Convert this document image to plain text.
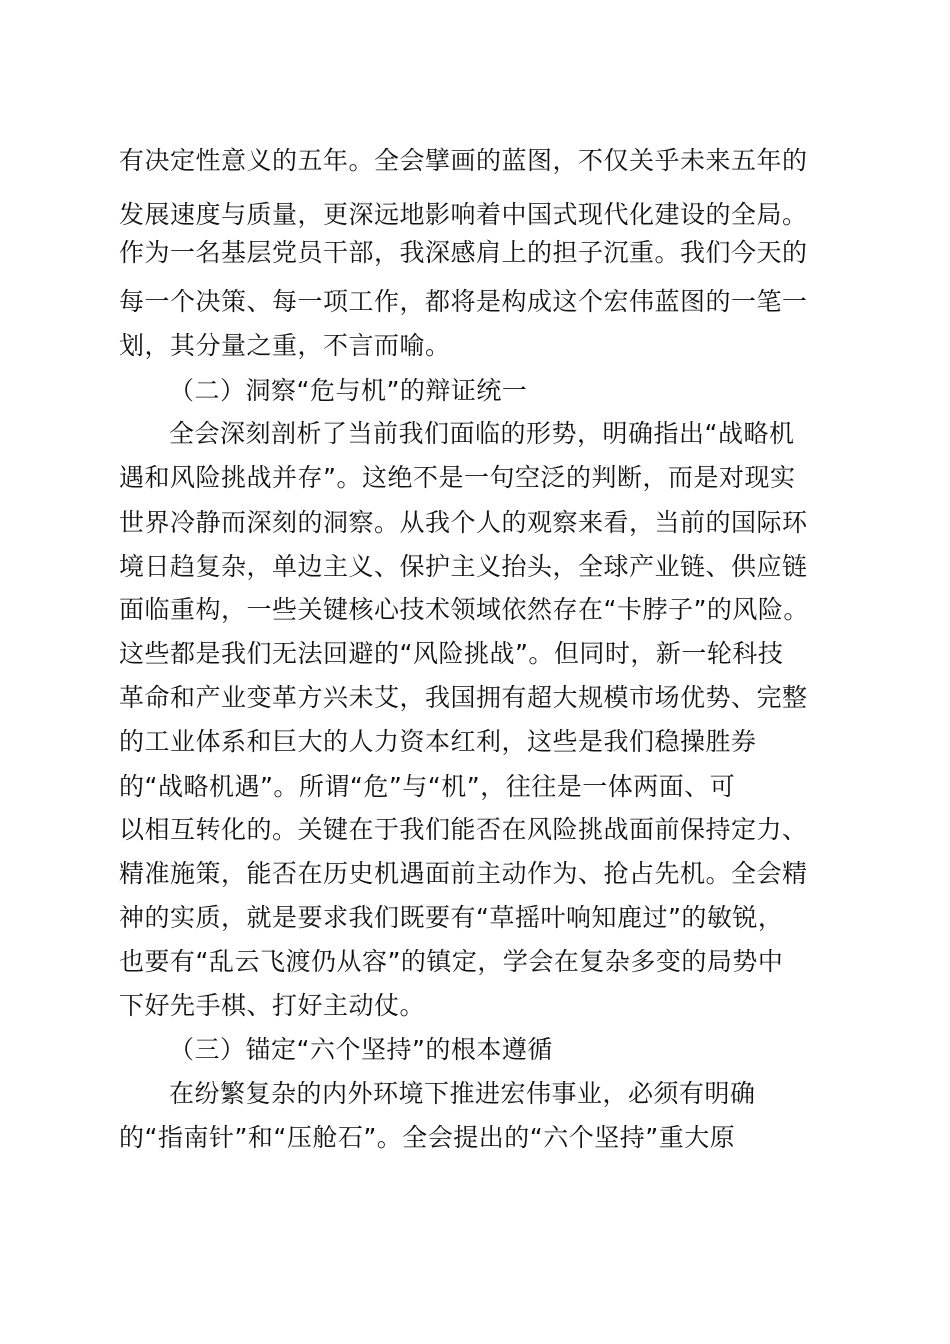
有决定性意义的五年。全会擘画的蓝图，不仅关乎未来五年的
发展速度与质量，更深远地影响着中国式现代化建设的全局。
作为一名基层党员干部，我深感肩上的担子沉重。我们今天的
每一个决策、每一项工作，都将是构成这个宏伟蓝图的一笔一
划，其分量之重，不言而喻。
（二）洞察“危与机”的辩证统一
全会深刻剖析了当前我们面临的形势，明确指出“战略机
遇和风险挑战并存”。这绝不是一句空泛的判断，而是对现实
世界冷静而深刻的洞察。从我个人的观察来看，当前的国际环
境日趋复杂，单边主义、保护主义抬头，全球产业链、供应链
面临重构，一些关键核心技术领域依然存在“卡脖子”的风险。
这些都是我们无法回避的“风险挑战”。但同时，新一轮科技
革命和产业变革方兴未艾，我国拥有超大规模市场优势、完整
的工业体系和巨大的人力资本红利，这些是我们稳操胜券
的“战略机遇”。所谓“危”与“机”，往往是一体两面、可
以相互转化的。关键在于我们能否在风险挑战面前保持定力、
精准施策，能否在历史机遇面前主动作为、抢占先机。全会精
神的实质，就是要求我们既要有“草摇叶响知鹿过”的敏锐，
也要有“乱云飞渡仍从容”的镇定，学会在复杂多变的局势中
下好先手棋、打好主动仗。
（三）锚定“六个坚持”的根本遵循
在纷繁复杂的内外环境下推进宏伟事业，必须有明确
的“指南针”和“压舱石”。全会提出的“六个坚持”重大原
